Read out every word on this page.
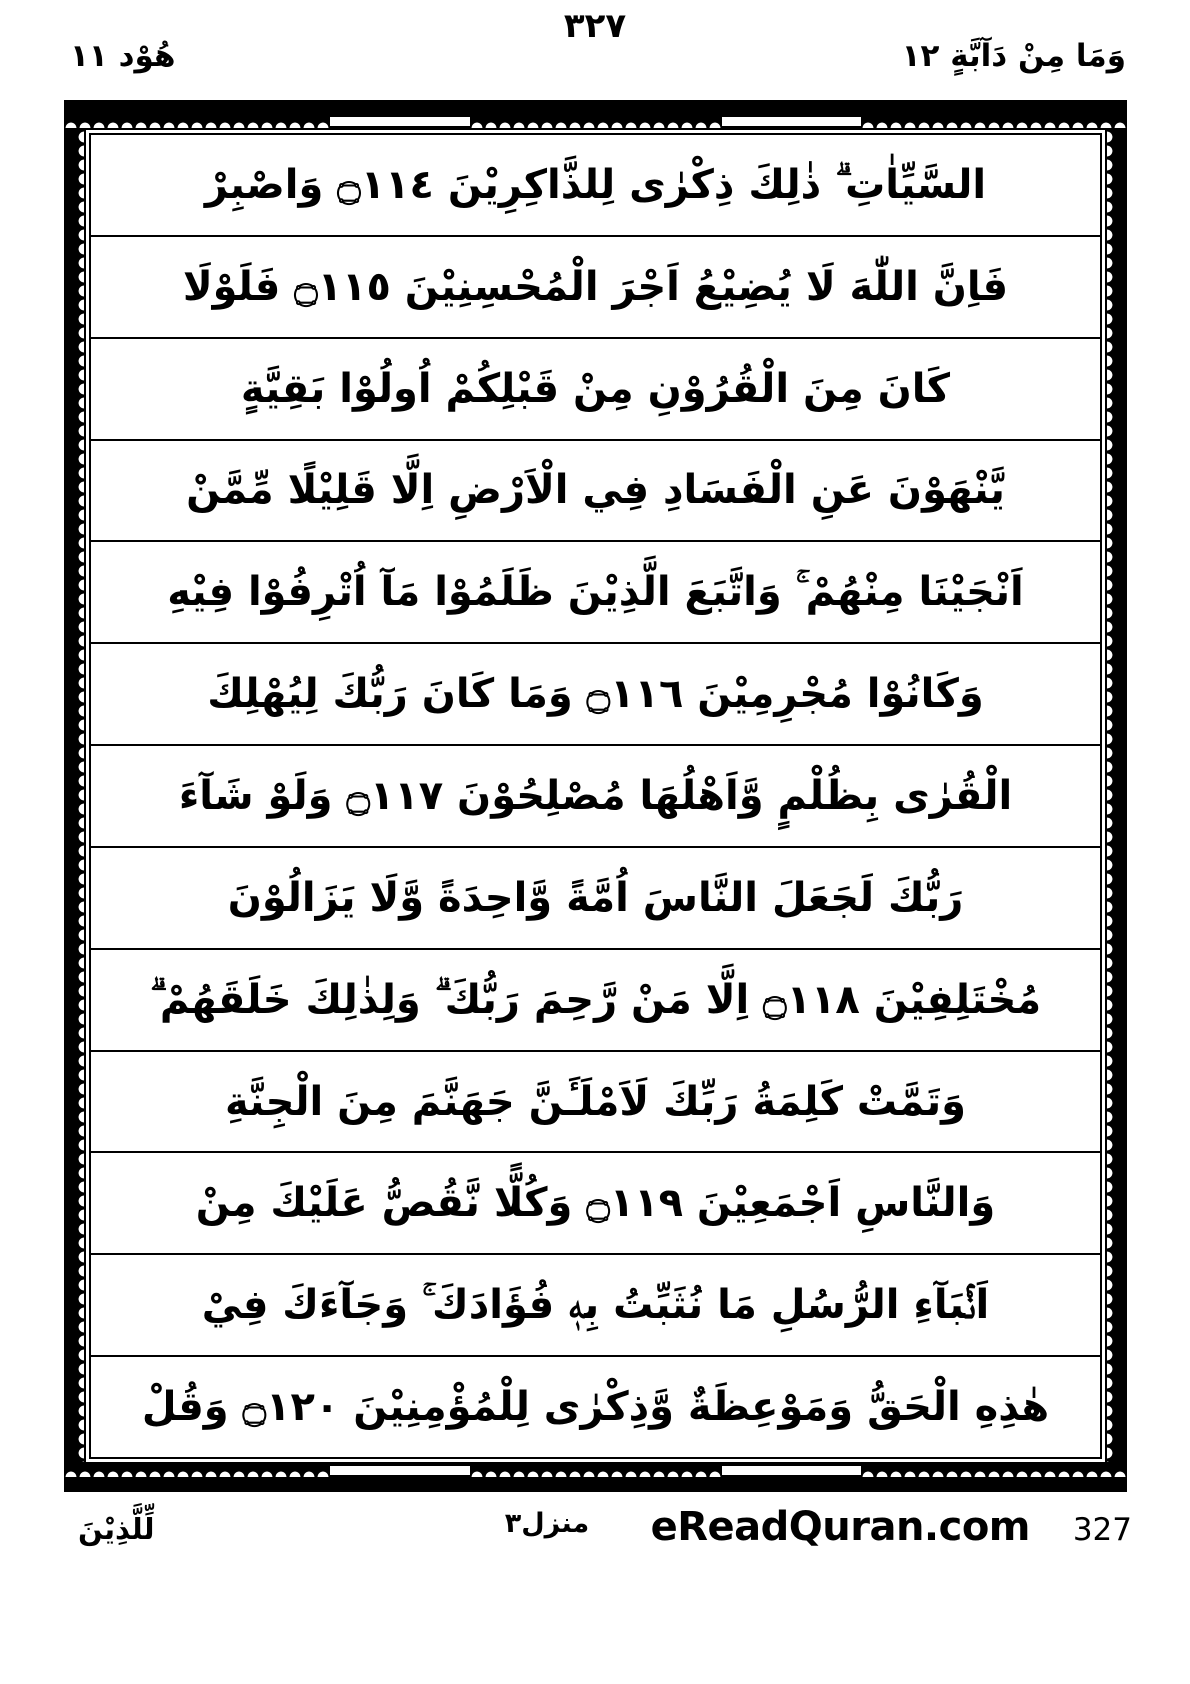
وَمَا مِنْ دَآبَّةٍ ١٢
هُوْد ١١
٣٢٧
السَّيِّاٰتِ ۗ ذٰلِكَ ذِكْرٰى لِلذَّاكِرِيْنَ ۝١١٤ وَاصْبِرْ
فَاِنَّ اللّٰهَ لَا يُضِيْعُ اَجْرَ الْمُحْسِنِيْنَ ۝١١٥ فَلَوْلَا
كَانَ مِنَ الْقُرُوْنِ مِنْ قَبْلِكُمْ اُولُوْا بَقِيَّةٍ
يَّنْهَوْنَ عَنِ الْفَسَادِ فِي الْاَرْضِ اِلَّا قَلِيْلًا مِّمَّنْ
اَنْجَيْنَا مِنْهُمْ ۚ وَاتَّبَعَ الَّذِيْنَ ظَلَمُوْا مَآ اُتْرِفُوْا فِيْهِ
وَكَانُوْا مُجْرِمِيْنَ ۝١١٦ وَمَا كَانَ رَبُّكَ لِيُهْلِكَ
الْقُرٰى بِظُلْمٍ وَّاَهْلُهَا مُصْلِحُوْنَ ۝١١٧ وَلَوْ شَآءَ
رَبُّكَ لَجَعَلَ النَّاسَ اُمَّةً وَّاحِدَةً وَّلَا يَزَالُوْنَ
مُخْتَلِفِيْنَ ۝١١٨ اِلَّا مَنْ رَّحِمَ رَبُّكَ ۗ وَلِذٰلِكَ خَلَقَهُمْ ۗ
وَتَمَّتْ كَلِمَةُ رَبِّكَ لَاَمْلَـَٔنَّ جَهَنَّمَ مِنَ الْجِنَّةِ
وَالنَّاسِ اَجْمَعِيْنَ ۝١١٩ وَكُلًّا نَّقُصُّ عَلَيْكَ مِنْ
اَنْۢبَآءِ الرُّسُلِ مَا نُثَبِّتُ بِهٖ فُؤَادَكَ ۚ وَجَآءَكَ فِيْ
هٰذِهِ الْحَقُّ وَمَوْعِظَةٌ وَّذِكْرٰى لِلْمُؤْمِنِيْنَ ۝١٢٠ وَقُلْ
لِّلَّذِيْنَ	منزل٣ eReadQuran.com 327
